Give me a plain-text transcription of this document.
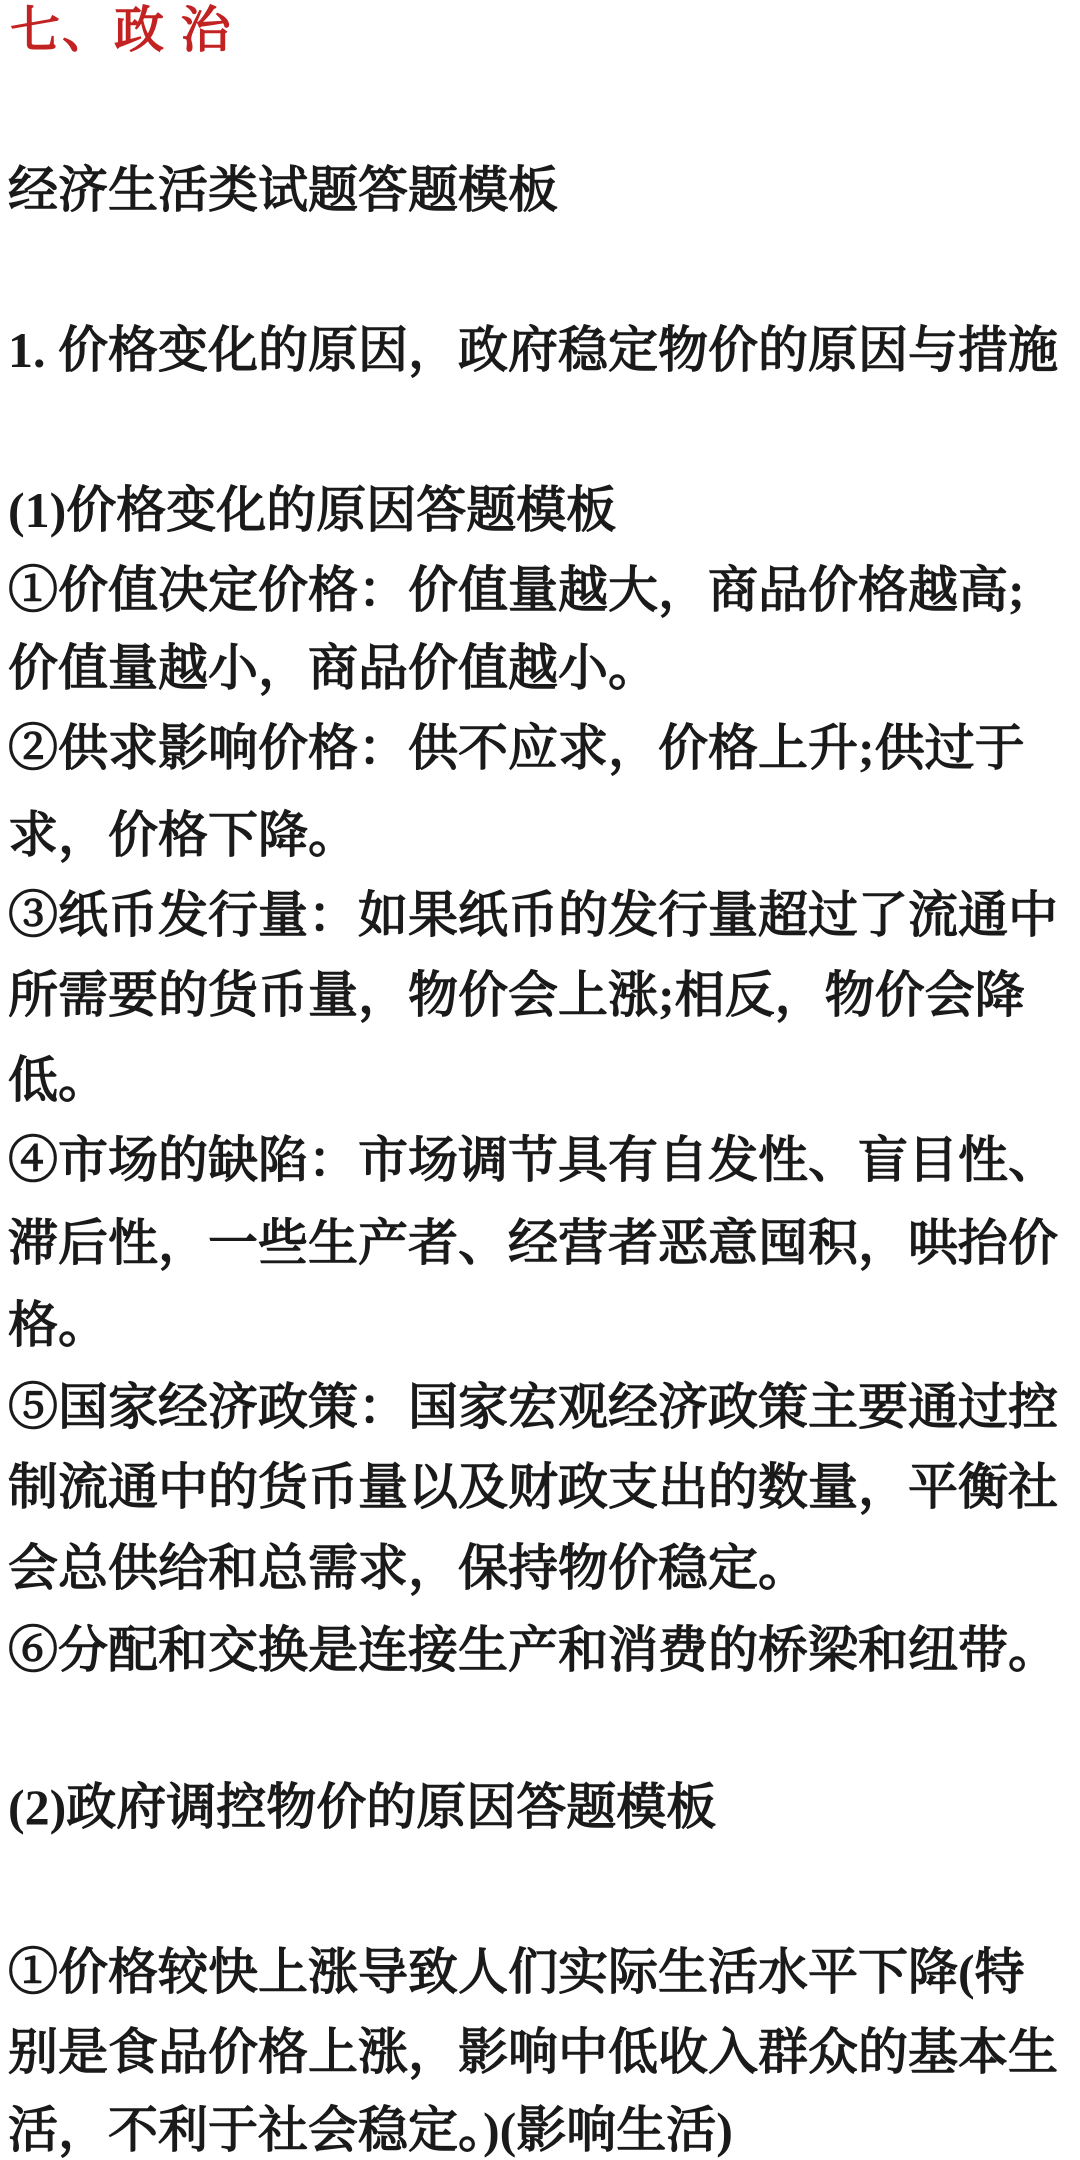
七、政 治
经济生活类试题答题模板
1. 价格变化的原因，政府稳定物价的原因与措施
(1)价格变化的原因答题模板
①价值决定价格：价值量越大，商品价格越高;
价值量越小，商品价值越小。
②供求影响价格：供不应求，价格上升;供过于
求，价格下降。
③纸币发行量：如果纸币的发行量超过了流通中
所需要的货币量，物价会上涨;相反，物价会降
低。
④市场的缺陷：市场调节具有自发性、盲目性、
滞后性，一些生产者、经营者恶意囤积，哄抬价
格。
⑤国家经济政策：国家宏观经济政策主要通过控
制流通中的货币量以及财政支出的数量，平衡社
会总供给和总需求，保持物价稳定。
⑥分配和交换是连接生产和消费的桥梁和纽带。
(2)政府调控物价的原因答题模板
①价格较快上涨导致人们实际生活水平下降(特
别是食品价格上涨，影响中低收入群众的基本生
活，不利于社会稳定。)(影响生活)
